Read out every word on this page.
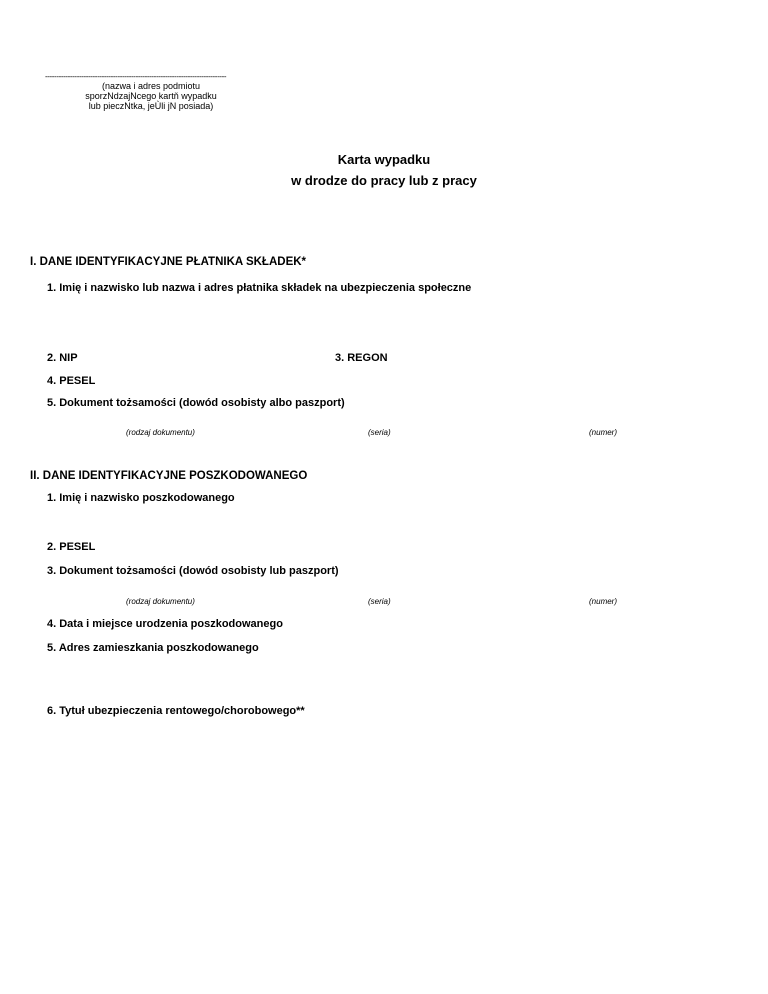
--------------------------------------------------------------------------------
(nazwa i adres podmiotu
sporzNdzajNcego kartň wypadku
lub pieczNtka, jeÙli jN posiada)
Karta wypadku
w drodze do pracy lub z pracy
I. DANE IDENTYFIKACYJNE PŁATNIKA SKŁADEK*
1. Imię i nazwisko lub nazwa i adres płatnika składek na ubezpieczenia społeczne
2. NIP	3. REGON
4. PESEL
5. Dokument tożsamości (dowód osobisty albo paszport)
(rodzaj dokumentu)	(seria)	(numer)
II. DANE IDENTYFIKACYJNE POSZKODOWANEGO
1. Imię i nazwisko poszkodowanego
2. PESEL
3. Dokument tożsamości (dowód osobisty lub paszport)
(rodzaj dokumentu)	(seria)	(numer)
4. Data i miejsce urodzenia poszkodowanego
5. Adres zamieszkania poszkodowanego
6. Tytuł ubezpieczenia rentowego/chorobowego**
